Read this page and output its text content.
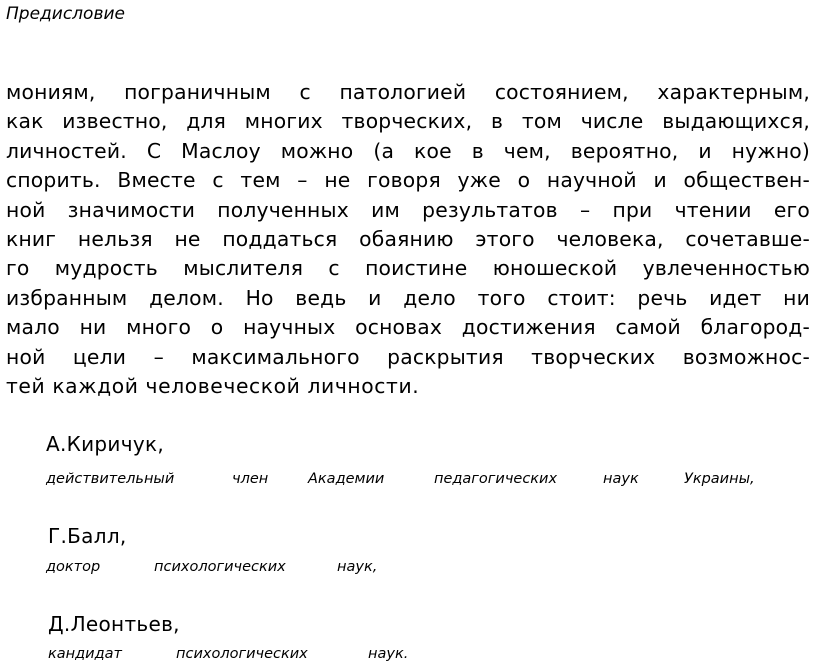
Предисловие
мониям, пограничным с патологией состоянием, характерным,
как известно, для многих творческих, в том числе выдающихся,
личностей. С Маслоу можно (а кое в чем, вероятно, и нужно)
спорить. Вместе с тем – не говоря уже о научной и обществен-
ной значимости полученных им результатов – при чтении его
книг нельзя не поддаться обаянию этого человека, сочетавше-
го мудрость мыслителя с поистине юношеской увлеченностью
избранным делом. Но ведь и дело того стоит: речь идет ни
мало ни много о научных основах достижения самой благород-
ной цели – максимального раскрытия творческих возможнос-
тей каждой человеческой личности.
А.Киричук,
действительный	член	Академии	педагогических	наук	Украины,
Г.Балл,
доктор	психологических	наук,
Д.Леонтьев,
кандидат	психологических	наук.
